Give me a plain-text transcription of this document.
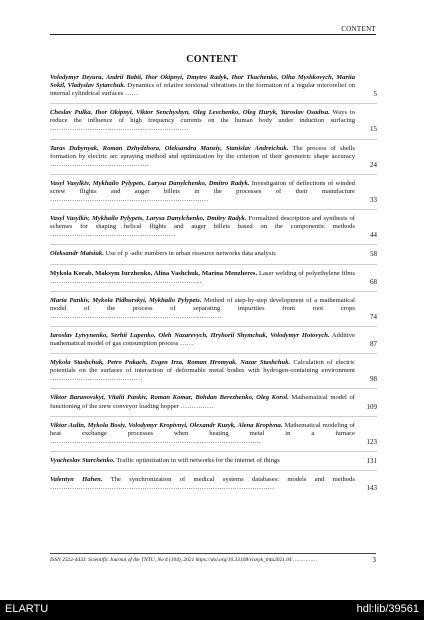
CONTENT
CONTENT
Volodymyr Dzyura, Andrii Babii, Ihor Okipnyi, Dmytro Radyk, Ihor Tkachenko, Olha Myshkovych, Mariia Sokil, Vladyslav Sytarchuk. Dynamics of relative torsional vibrations in the formation of a regular microrelief on internal cylindrical surfaces ……	5
Cheslav Pulka, Ihor Okipnyi, Viktor Senchyshyn, Oleg Levchenko, Oleg Huryk, Yaroslav Osadtsa. Ways to reduce the influence of high frequency currents on the human body under induction surfacing ………………………………………………………	15
Taras Dubynyak, Roman Dzhydzhora, Oleksandra Manziy, Stanislav Andreichuk. The process of shells formation by electric arc spraying method and optimization by the criterion of their geometric shape accuracy ………………………………………	24
Vasyl Vasylkiv, Mykhailo Pylypets, Larysa Danylchenko, Dmitro Radyk. Investigation of deflections of winded screw flights and auger billets in the processes of their manufacture ………………………………………………………………	33
Vasyl Vasylkiv, Mykhailo Pylypets, Larysa Danylchenko, Dmitry Radyk. Formalized description and synthesis of schemes for shaping helical flights and auger billets based on the componentic methods …………………………………………………	44
Oleksandr Matsiuk. Use of p -adic numbers in urban resource networks data analysis	58
Mykola Korab, Maksym Iurzhenko, Alina Vashchuk, Marina Menzheres. Laser welding of polyethylene films ……………………………………………………………	68
Maria Pankiv, Mykola Pidhurskyi, Mykhailo Pylypets. Method of step-by-step development of a mathematical model of the process of separating impurities from root crops ……………………………………………………………………	74
Iaroslav Lytvynenko, Serhii Lupenko, Oleh Nazarevych, Hryhorii Shymchuk, Volodymyr Hotovych. Additive mathematical model of gas consumption process ……	87
Mykola Stashchuk, Petro Pukach, Evgen Irza, Roman Hromyak, Nazar Stashchuk. Calculation of electric potentials on the surfaces of interaction of deformable metal bodies with hydrogen-containing environment ……………………………………	98
Viktor Baranovskyi, Vitalii Pankiv, Roman Komar, Bohdan Berezhenko, Oleg Korol. Mathematical model of functioning of the srew conveyor loading hopper ……………	109
Viktor Aulin, Mykola Bosiy, Volodymyr Kropivnyi, Olexandr Kuzyk, Alena Kropivna. Mathematical modeling of heat exchange processes when heating metal in a furnace ……………………………………………………………………………………	123
Vyacheslav Starchenko. Traffic optimization in wifi networks for the internet of things	131
Valentyn Hahen. The synchronization of medical systems databases: models and methods …………………………………………………………………………………………	143
ISSN 2522-4433. Scientific Journal of the TNTU, No 4 (104), 2021 https://doi.org/10.33108/visnyk_tntu2021.04 ……………	3
ELARTU	hdl:lib/39561
